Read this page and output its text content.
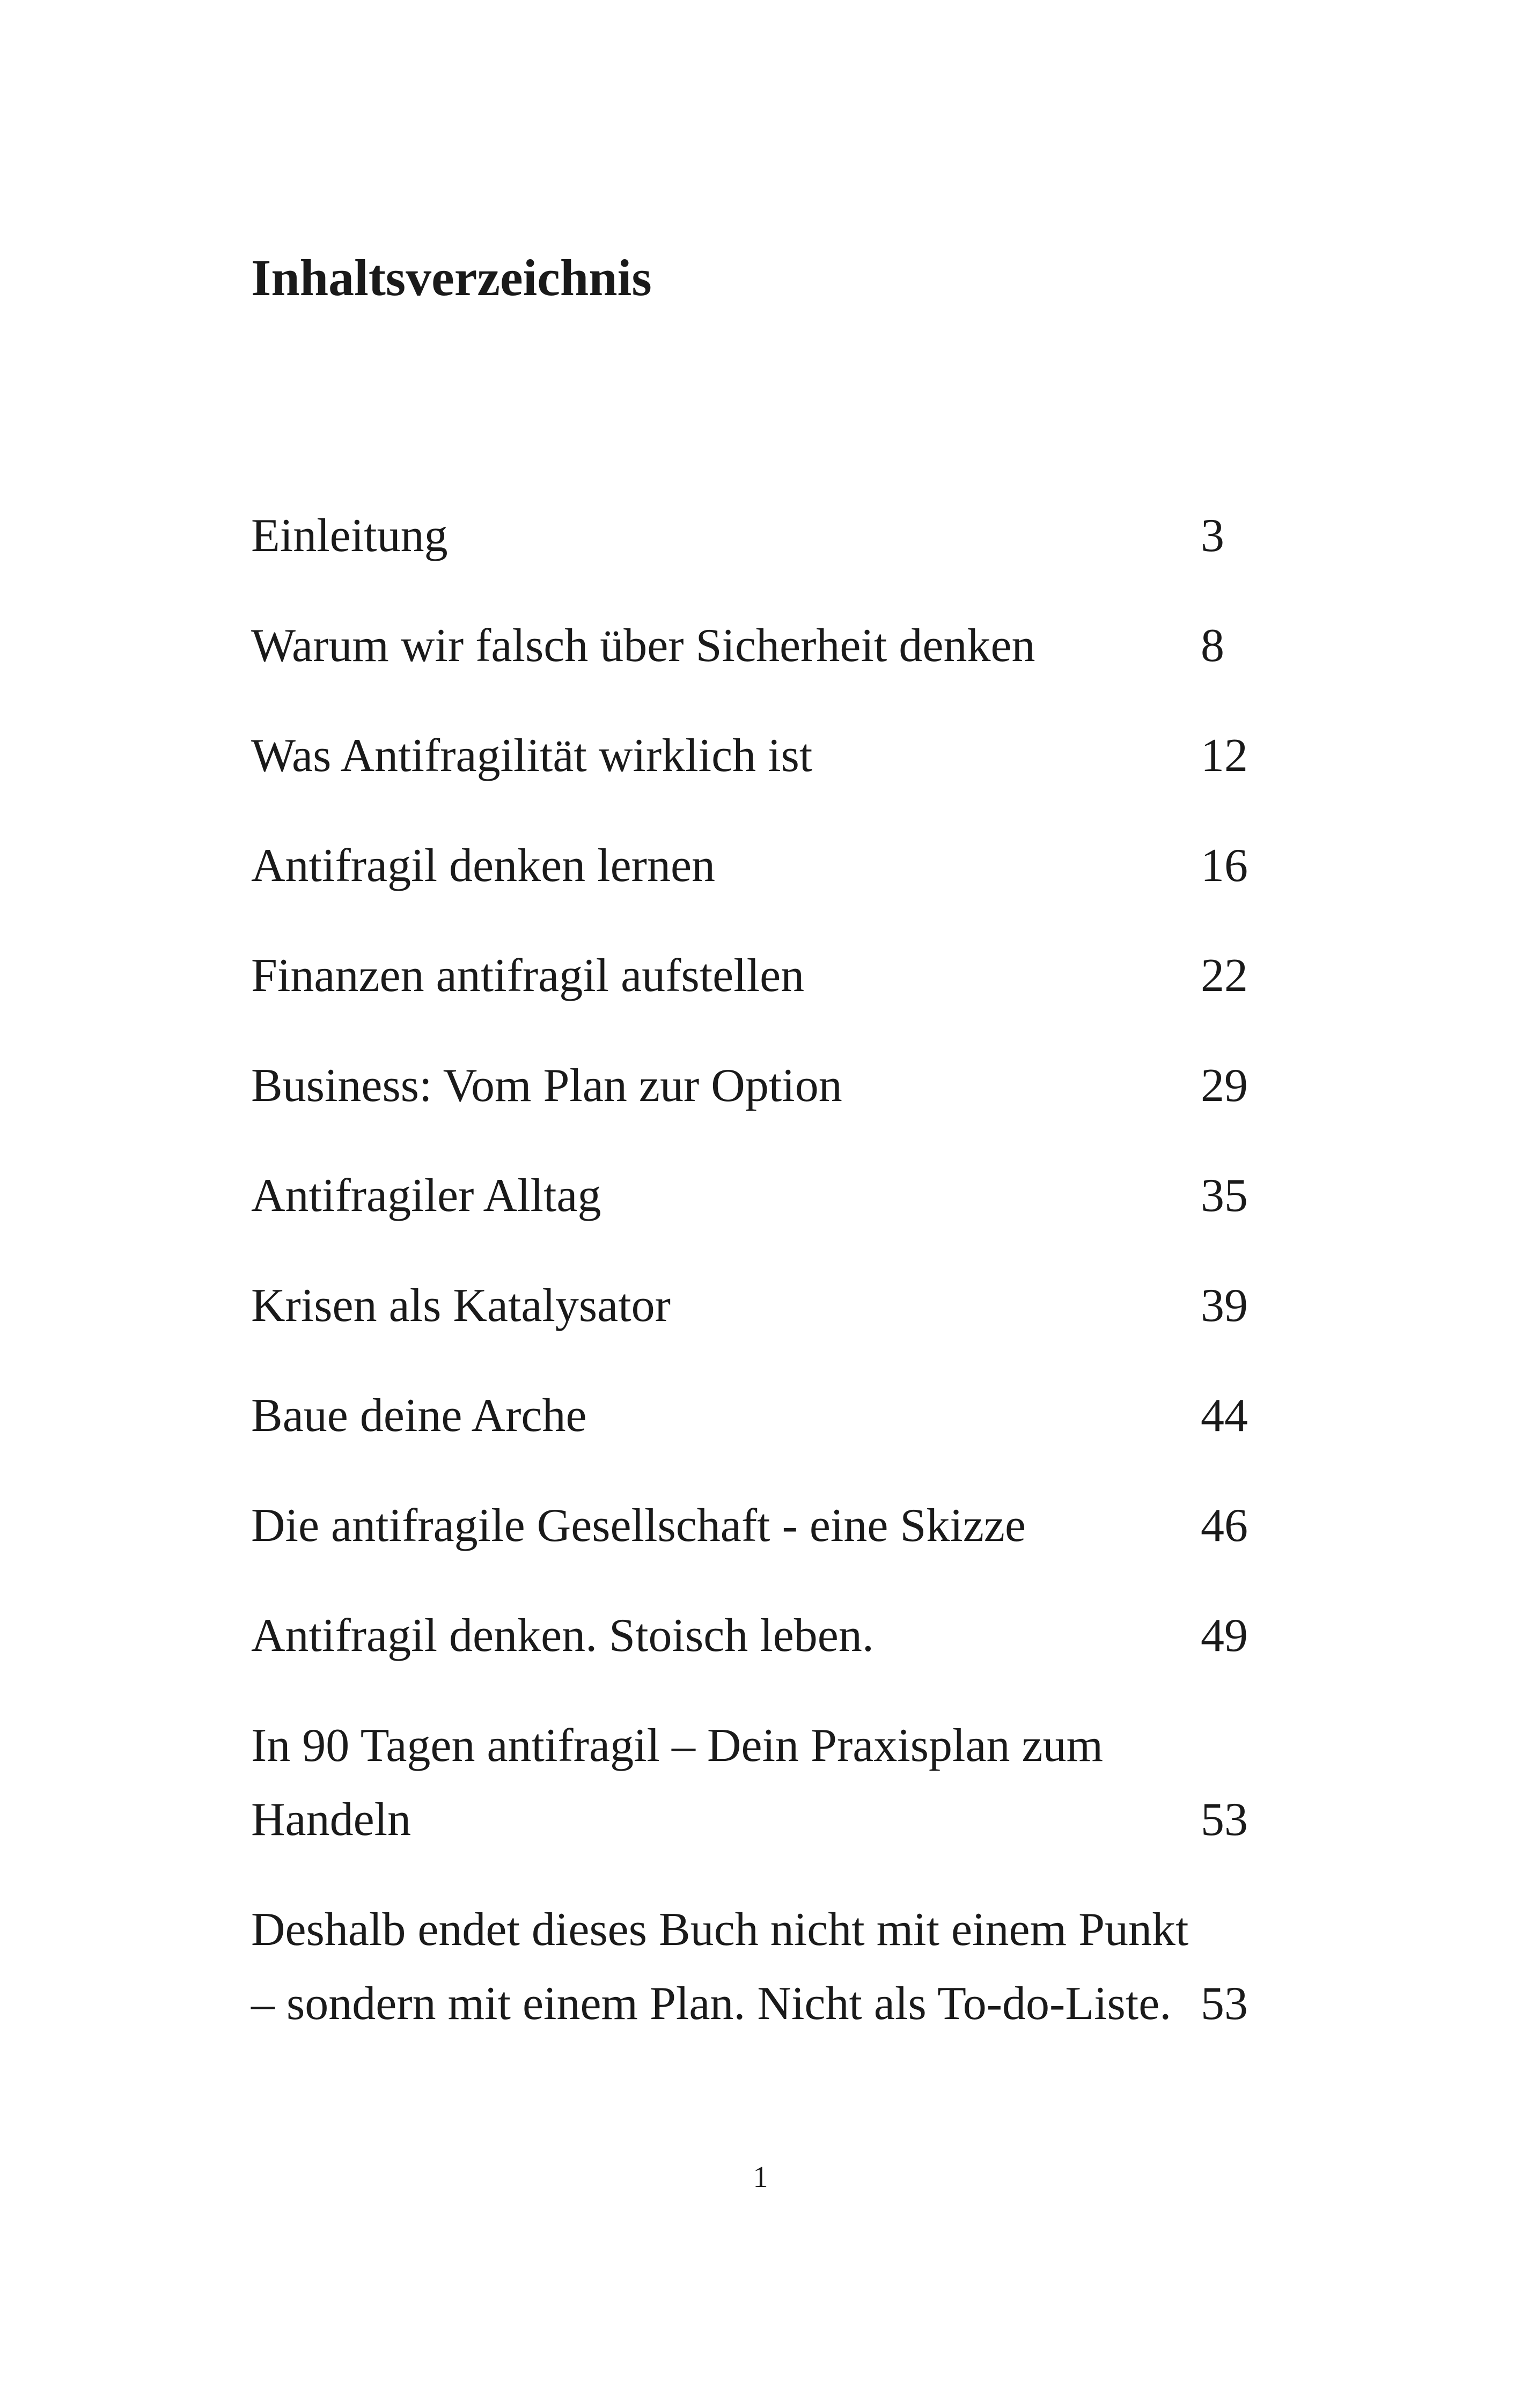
Inhaltsverzeichnis
Einleitung	3
Warum wir falsch über Sicherheit denken	8
Was Antifragilität wirklich ist	12
Antifragil denken lernen	16
Finanzen antifragil aufstellen	22
Business: Vom Plan zur Option	29
Antifragiler Alltag	35
Krisen als Katalysator	39
Baue deine Arche	44
Die antifragile Gesellschaft - eine Skizze	46
Antifragil denken. Stoisch leben.	49
In 90 Tagen antifragil – Dein Praxisplan zum Handeln	53
Deshalb endet dieses Buch nicht mit einem Punkt – sondern mit einem Plan. Nicht als To-do-Liste. 53
1
